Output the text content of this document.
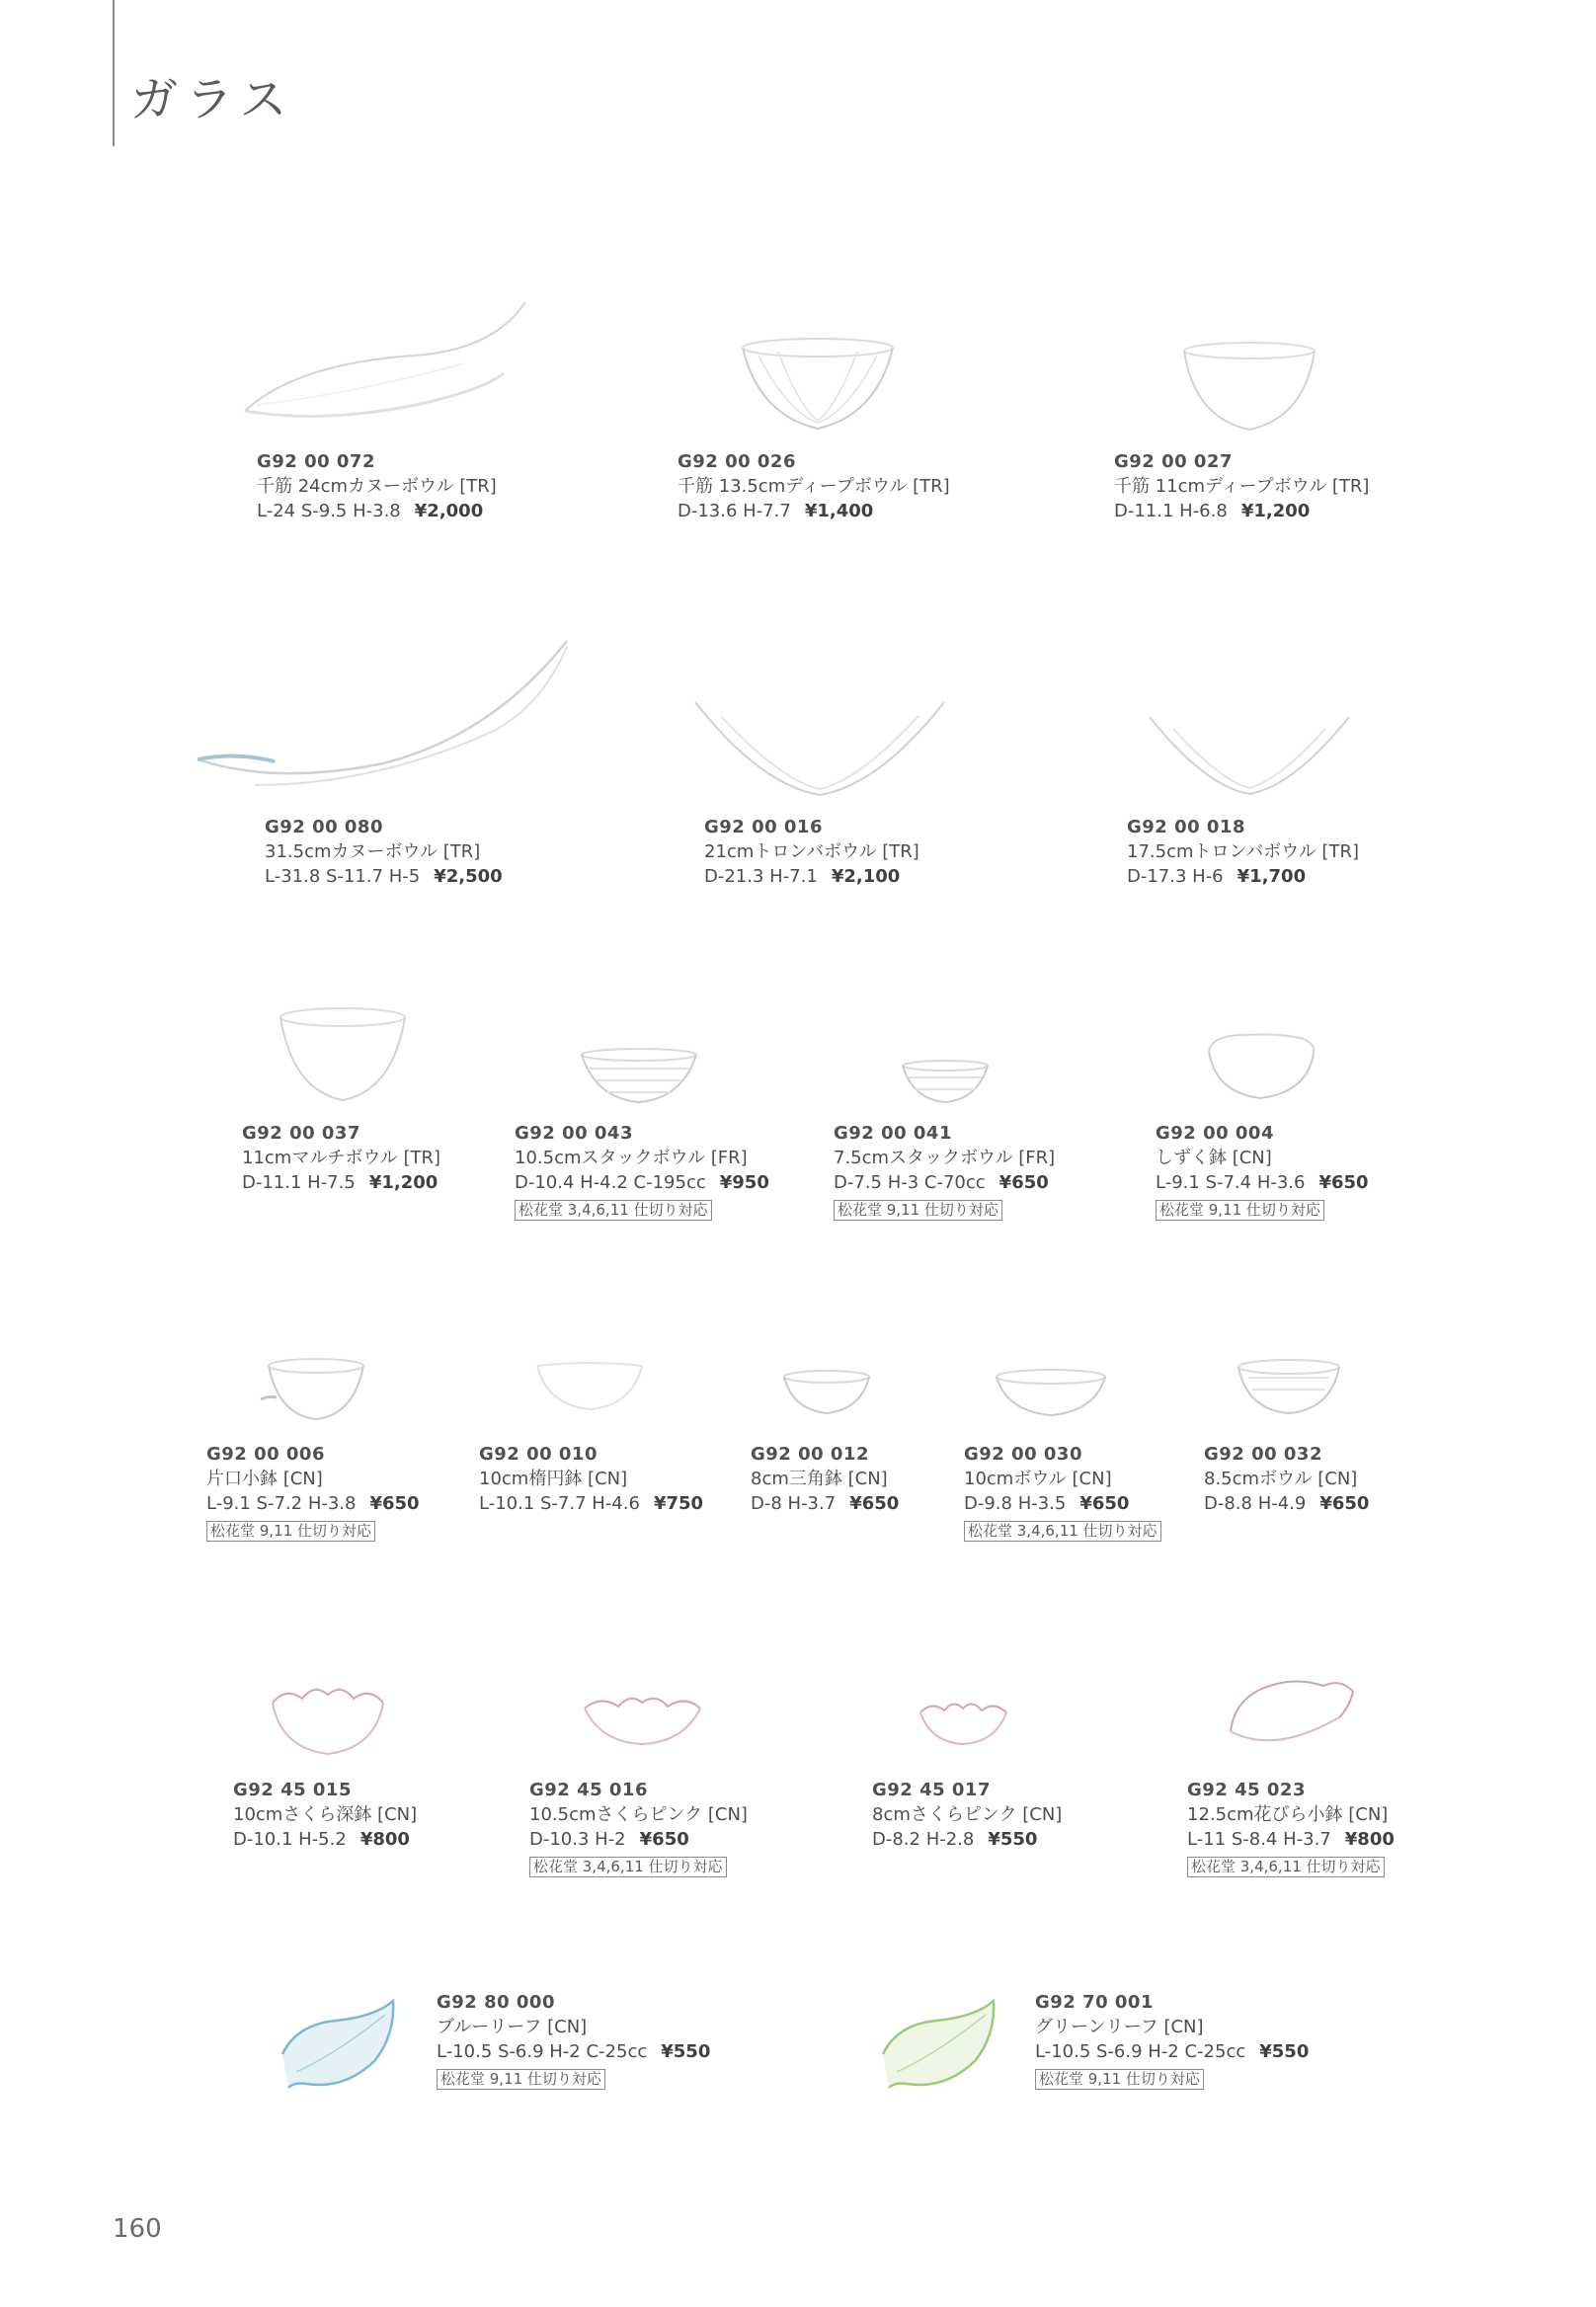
ガラス
G92 00 072
千筋 24cmカヌーボウル [TR]
L-24 S-9.5 H-3.8 ¥2,000
G92 00 026
千筋 13.5cmディープボウル [TR]
D-13.6 H-7.7 ¥1,400
G92 00 027
千筋 11cmディープボウル [TR]
D-11.1 H-6.8 ¥1,200
G92 00 080
31.5cmカヌーボウル [TR]
L-31.8 S-11.7 H-5 ¥2,500
G92 00 016
21cmトロンバボウル [TR]
D-21.3 H-7.1 ¥2,100
G92 00 018
17.5cmトロンバボウル [TR]
D-17.3 H-6 ¥1,700
G92 00 037
11cmマルチボウル [TR]
D-11.1 H-7.5 ¥1,200
G92 00 043
10.5cmスタックボウル [FR]
D-10.4 H-4.2 C-195cc ¥950
松花堂 3,4,6,11 仕切り対応
G92 00 041
7.5cmスタックボウル [FR]
D-7.5 H-3 C-70cc ¥650
松花堂 9,11 仕切り対応
G92 00 004
しずく鉢 [CN]
L-9.1 S-7.4 H-3.6 ¥650
松花堂 9,11 仕切り対応
G92 00 006
片口小鉢 [CN]
L-9.1 S-7.2 H-3.8 ¥650
松花堂 9,11 仕切り対応
G92 00 010
10cm楕円鉢 [CN]
L-10.1 S-7.7 H-4.6 ¥750
G92 00 012
8cm三角鉢 [CN]
D-8 H-3.7 ¥650
G92 00 030
10cmボウル [CN]
D-9.8 H-3.5 ¥650
松花堂 3,4,6,11 仕切り対応
G92 00 032
8.5cmボウル [CN]
D-8.8 H-4.9 ¥650
G92 45 015
10cmさくら深鉢 [CN]
D-10.1 H-5.2 ¥800
G92 45 016
10.5cmさくらピンク [CN]
D-10.3 H-2 ¥650
松花堂 3,4,6,11 仕切り対応
G92 45 017
8cmさくらピンク [CN]
D-8.2 H-2.8 ¥550
G92 45 023
12.5cm花びら小鉢 [CN]
L-11 S-8.4 H-3.7 ¥800
松花堂 3,4,6,11 仕切り対応
G92 80 000
ブルーリーフ [CN]
L-10.5 S-6.9 H-2 C-25cc ¥550
松花堂 9,11 仕切り対応
G92 70 001
グリーンリーフ [CN]
L-10.5 S-6.9 H-2 C-25cc ¥550
松花堂 9,11 仕切り対応
160
